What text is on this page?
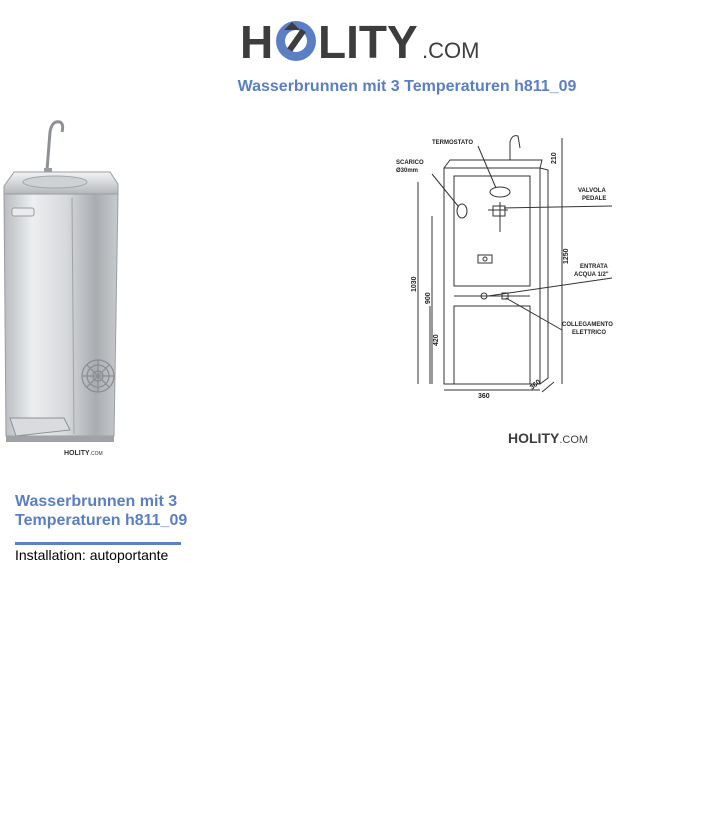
H LITY .COM
Wasserbrunnen mit 3 Temperaturen h811_09
HOLITY.COM
TERMOSTATO
SCARICO
Ø30mm
VALVOLA
PEDALE
ENTRATA
ACQUA 1/2"
COLLEGAMENTO
ELETTRICO
210
1250
1030
900
420
360
360
HOLITY.COM
Wasserbrunnen mit 3 Temperaturen h811_09
Installation: autoportante
